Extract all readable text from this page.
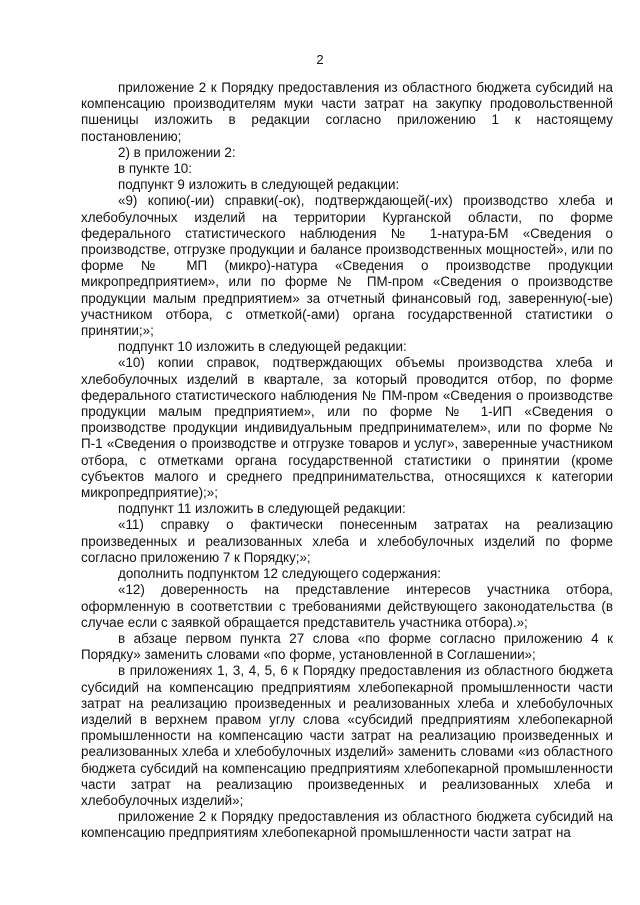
2

приложение 2 к Порядку предоставления из областного бюджета субсидий на компенсацию производителям муки части затрат на закупку продовольственной пшеницы изложить в редакции согласно приложению 1 к настоящему постановлению;

2) в приложении 2:

в пункте 10:

подпункт 9 изложить в следующей редакции:

«9) копию(-ии) справки(-ок), подтверждающей(-их) производство хлеба и хлебобулочных изделий на территории Курганской области, по форме федерального статистического наблюдения № 1-натура-БМ «Сведения о производстве, отгрузке продукции и балансе производственных мощностей», или по форме № МП (микро)-натура «Сведения о производстве продукции микропредприятием», или по форме № ПМ-пром «Сведения о производстве продукции малым предприятием» за отчетный финансовый год, заверенную(-ые) участником отбора, с отметкой(-ами) органа государственной статистики о принятии;»;

подпункт 10 изложить в следующей редакции:

«10) копии справок, подтверждающих объемы производства хлеба и хлебобулочных изделий в квартале, за который проводится отбор, по форме федерального статистического наблюдения № ПМ-пром «Сведения о производстве продукции малым предприятием», или по форме № 1-ИП «Сведения о производстве продукции индивидуальным предпринимателем», или по форме № П-1 «Сведения о производстве и отгрузке товаров и услуг», заверенные участником отбора, с отметками органа государственной статистики о принятии (кроме субъектов малого и среднего предпринимательства, относящихся к категории микропредприятие);»;

подпункт 11 изложить в следующей редакции:

«11) справку о фактически понесенным затратах на реализацию произведенных и реализованных хлеба и хлебобулочных изделий по форме согласно приложению 7 к Порядку;»;

дополнить подпунктом 12 следующего содержания:

«12) доверенность на представление интересов участника отбора, оформленную в соответствии с требованиями действующего законодательства (в случае если с заявкой обращается представитель участника отбора).»;

в абзаце первом пункта 27 слова «по форме согласно приложению 4 к Порядку» заменить словами «по форме, установленной в Соглашении»;

в приложениях 1, 3, 4, 5, 6 к Порядку предоставления из областного бюджета субсидий на компенсацию предприятиям хлебопекарной промышленности части затрат на реализацию произведенных и реализованных хлеба и хлебобулочных изделий в верхнем правом углу слова «субсидий предприятиям хлебопекарной промышленности на компенсацию части затрат на реализацию произведенных и реализованных хлеба и хлебобулочных изделий» заменить словами «из областного бюджета субсидий на компенсацию предприятиям хлебопекарной промышленности части затрат на реализацию произведенных и реализованных хлеба и хлебобулочных изделий»;

приложение 2 к Порядку предоставления из областного бюджета субсидий на компенсацию предприятиям хлебопекарной промышленности части затрат на
